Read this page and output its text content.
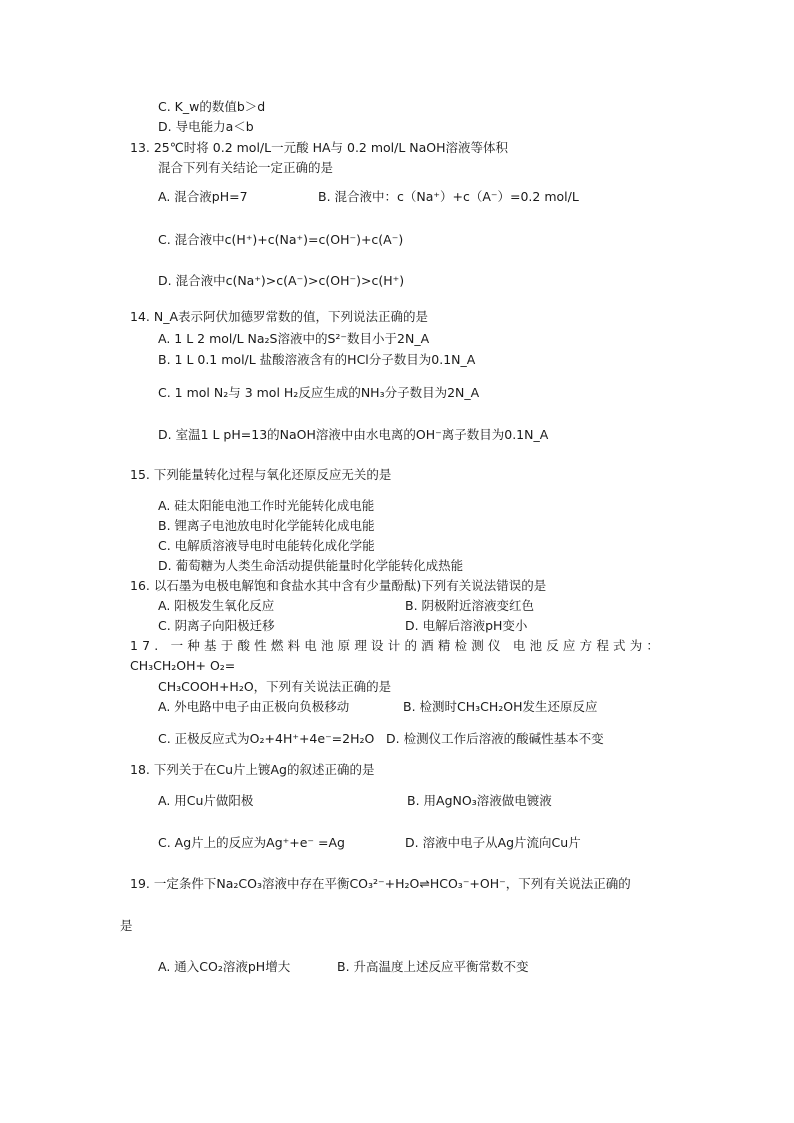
C. K_w的数值b＞d
D. 导电能力a＜b
13. 25℃时将 0.2 mol/L一元酸 HA与 0.2 mol/L NaOH溶液等体积
混合下列有关结论一定正确的是
A. 混合液pH=7	B. 混合液中：c（Na⁺）+c（A⁻）=0.2 mol/L
C. 混合液中c(H⁺)+c(Na⁺)=c(OH⁻)+c(A⁻)
D. 混合液中c(Na⁺)>c(A⁻)>c(OH⁻)>c(H⁺)
14. N_A表示阿伏加德罗常数的值，下列说法正确的是
A. 1 L 2 mol/L Na₂S溶液中的S²⁻数目小于2N_A
B. 1 L 0.1 mol/L 盐酸溶液含有的HCl分子数目为0.1N_A
C. 1 mol N₂与 3 mol H₂反应生成的NH₃分子数目为2N_A
D. 室温1 L pH=13的NaOH溶液中由水电离的OH⁻离子数目为0.1N_A
15. 下列能量转化过程与氧化还原反应无关的是
A. 硅太阳能电池工作时光能转化成电能
B. 锂离子电池放电时化学能转化成电能
C. 电解质溶液导电时电能转化成化学能
D. 葡萄糖为人类生命活动提供能量时化学能转化成热能
16. 以石墨为电极电解饱和食盐水其中含有少量酚酞)下列有关说法错误的是
A. 阳极发生氧化反应	B. 阴极附近溶液变红色
C. 阴离子向阳极迁移	D. 电解后溶液pH变小
17. 一种基于酸性燃料电池原理设计的酒精检测仪 电池反应方程式为：
CH₃CH₂OH+ O₂=
CH₃COOH+H₂O，下列有关说法正确的是
A. 外电路中电子由正极向负极移动	B. 检测时CH₃CH₂OH发生还原反应
C. 正极反应式为O₂+4H⁺+4e⁻=2H₂O D. 检测仪工作后溶液的酸碱性基本不变
18. 下列关于在Cu片上镀Ag的叙述正确的是
A. 用Cu片做阳极	B. 用AgNO₃溶液做电镀液
C. Ag片上的反应为Ag⁺+e⁻ =Ag	D. 溶液中电子从Ag片流向Cu片
19. 一定条件下Na₂CO₃溶液中存在平衡CO₃²⁻+H₂O⇌HCO₃⁻+OH⁻，下列有关说法正确的
是
A. 通入CO₂溶液pH增大	B. 升高温度上述反应平衡常数不变
